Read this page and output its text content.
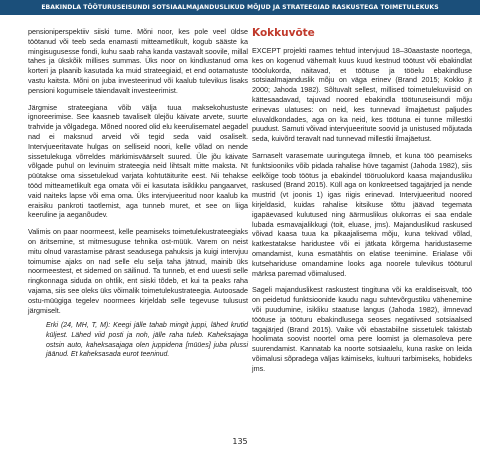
EBAKINDLA TÖÖTURUSEISUNDI SOTSIAALMAJANDUSLIKUD MÕJUD JA STRATEEGIAD RASKUSTEGA TOIMETULEKUKS

pensioniperspektiiv siiski tume. Mõni noor, kes pole veel üldse töötanud või teeb seda enamasti mitteametlikult, kogub sääste ka mingisugusesse fondi, kuhu saab raha kanda vastavalt soovile, millal tahes ja ükskõik millises summas. Üks noor on kindlustanud oma korteri ja plaanib kasutada ka muid strateegiaid, et end ootamatuste vastu kaitsta. Mõni on juba investeerinud või kaalub tulevikus lisaks pensioni kogumisele täiendavalt investeerimist.

Järgmise strateegiana võib välja tuua maksekohustuste ignoreerimise. See kaasneb tavaliselt ülejõu käivate arvete, suurte trahvide ja võlgadega. Mõned noored olid elu keerulisematel aegadel nad ei maksnud arveid või tegid seda vaid osaliselt. Intervjueeritavate hulgas on selliseid noori, kelle võlad on nende sissetulekuga võrreldes märkimisväärselt suured. Üle jõu käivate võlgade puhul on levinuim strateegia neid lihtsalt mitte maksta. Nt püütakse oma sissetulekud varjata kohtutäiturite eest. Nii tehakse tööd mitteametlikult ega omata või ei kasutata isiklikku pangaarvet, vaid naiteks lapse või ema oma. Üks intervjueeritud noor kaalub ka eraisiku pankroti taotlemist, aga tunneb muret, et see on liiga keeruline ja aeganõudev.

Valimis on paar noormeest, kelle peamiseks toimetulekustrateegiaks on äritsemine, st mitmesuguse tehnika ost-müük. Varem on neist mitu olnud varastamise pärast seadusega pahuksis ja kuigi intervjuu toimumise ajaks on nad selle elu selja taha jätnud, mainib üks noormeestest, et sidemed on säilinud. Ta tunneb, et end uuesti selle ringkonnaga siduda on ohtlik, ent siiski tõdeb, et kui ta peaks raha vajama, siis see oleks üks võimalik toimetulekustrateegia. Autoosade ostu-müügiga tegelev noormees kirjeldab selle tegevuse tulusust järgmiselt.

Erki (24, MH, T, M): Keegi jälle tahab mingit juppi, lähed krutid küljest. Lähed viid posti ja noh, jälle raha tuleb. Kaheksajaga ostsin auto, kaheksasajaga olen juppidena [müües] juba plussi jäänud. Et kaheksasada eurot teeninud.
Kokkuvõte

EXCEPT projekti raames tehtud intervjuud 18–30aastaste noortega, kes on kogenud vähemalt kuus kuud kestnud töötust või ebakindlat tööolukorda, näitavad, et töötuse ja tööelu ebakindluse sotsiaalmajanduslik mõju on väga erinev (Brand 2015; Kokko jt 2000; Jahoda 1982). Sõltuvalt sellest, millised toimetulekuviisid on kättesaadavad, tajuvad noored ebakindla tööturuseisundi mõju erinevas ulatuses: on neid, kes tunnevad ilmajäetust paljudes eluvaldkondades, aga on ka neid, kes töötuna ei tunne millestki puudust. Samuti võivad intervjueeritute soovid ja unistused mõjutada seda, kuivõrd teravalt nad tunnevad millestki ilmajäetust.

Sarnaselt varasemate uuringutega ilmneb, et kuna töö peamiseks funktsiooniks võib pidada rahalise hüve tagamist (Jahoda 1982), siis eelkõige toob töötus ja ebakindel tööruolukord kaasa majandusliku raskused (Brand 2015). Küll aga on konkreetsed tagajärjed ja nende mustrid (vt joonis 1) igas riigis erinevad. Intervjueeritud noored kirjeldasid, kuidas rahalise kitsikuse tõttu jäävad tegemata igapäevased kulutused ning äärmuslikus olukorras ei saa endale lubada esmavajalikkugi (toit, eluase, jms). Majanduslikud raskused võivad kaasa tuua ka pikaajalisema mõju, kuna tekivad võlad, katkestatakse haridustee või ei jätkata kõrgema haridustaseme omandamist, kuna esmatähtis on elatise teenimine. Erialase või kutsehariduse omandamine looks aga noorele tulevikus tööturul märksa paremad võimalused.

Sageli majanduslikest raskustest tingituna või ka eraldiseisvalt, töö on peidetud funktsioonide kaudu nagu suhtevõrgustiku vähenemine või puudumine, isikliku staatuse langus (Jahoda 1982), ilmnevad töötuse ja tööturu ebakindlusega seoses negatiivsed sotsiaalsed tagajärjed (Brand 2015). Vaike või ebastabiilne sissetulek takistab hoolimata soovist noortel oma pere loomist ja olemasoleva pere suurendamist. Kannatab ka noorte sotsiaalelu, kuna raske on leida võimalusi sõpradega väljas käimiseks, kultuuri tarbimiseks, hobideks jms.

135
